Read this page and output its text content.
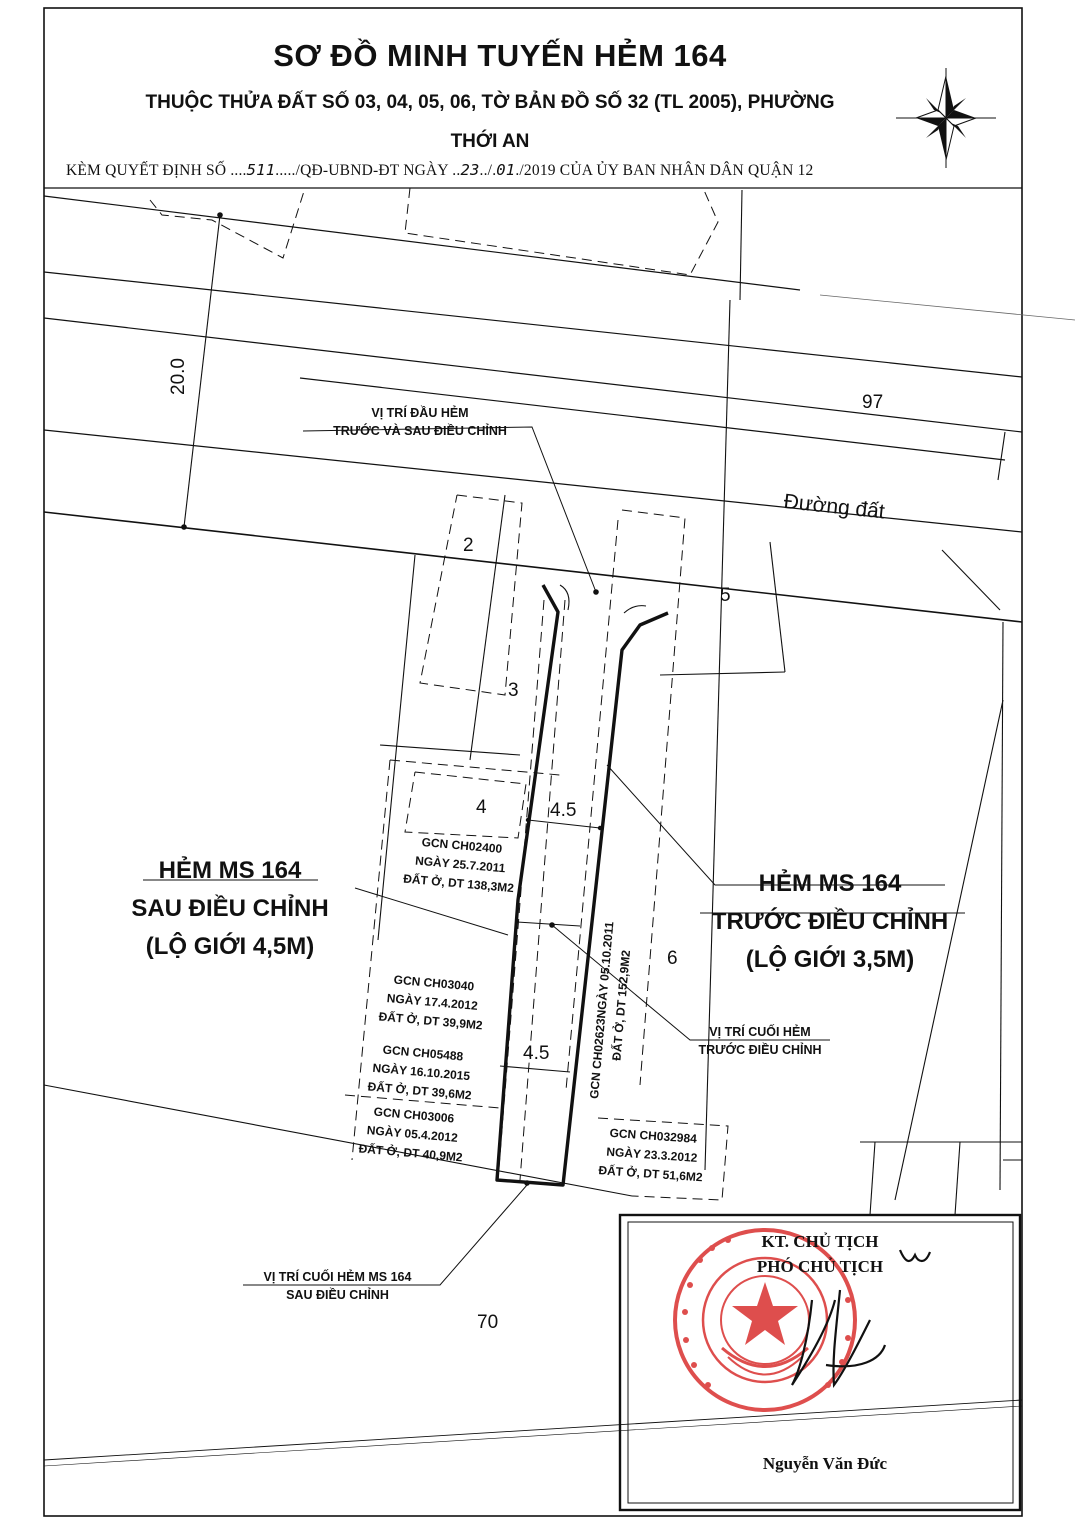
SƠ ĐỒ MINH TUYẾN HẺM 164
THUỘC THỬA ĐẤT SỐ 03, 04, 05, 06, TỜ BẢN ĐỒ SỐ 32 (TL 2005), PHƯỜNG
THỚI AN
KÈM QUYẾT ĐỊNH SỐ ....511...../QĐ-UBND-ĐT NGÀY ..23../.01./2019 CỦA ỦY BAN NHÂN DÂN QUẬN 12
20.0
97
Đường đất
2
3
4
5
6
70
4.5
4.5
VỊ TRÍ ĐẦU HẺM
TRƯỚC VÀ SAU ĐIỀU CHỈNH
VỊ TRÍ CUỐI HẺM
TRƯỚC ĐIỀU CHỈNH
VỊ TRÍ CUỐI HẺM MS 164
SAU ĐIỀU CHỈNH
HẺM MS 164
SAU ĐIỀU CHỈNH
(LỘ GIỚI 4,5M)
HẺM MS 164
TRƯỚC ĐIỀU CHỈNH
(LỘ GIỚI 3,5M)
GCN CH02400
NGÀY 25.7.2011
ĐẤT Ở, DT 138,3M2
GCN CH03040
NGÀY 17.4.2012
ĐẤT Ở, DT 39,9M2
GCN CH05488
NGÀY 16.10.2015
ĐẤT Ở, DT 39,6M2
GCN CH03006
NGÀY 05.4.2012
ĐẤT Ở, DT 40,9M2
GCN CH032984
NGÀY 23.3.2012
ĐẤT Ở, DT 51,6M2
GCN CH02623NGÀY 05.10.2011
ĐẤT Ở, DT 152,9M2
KT. CHỦ TỊCH
PHÓ CHỦ TỊCH
Nguyễn Văn Đức
